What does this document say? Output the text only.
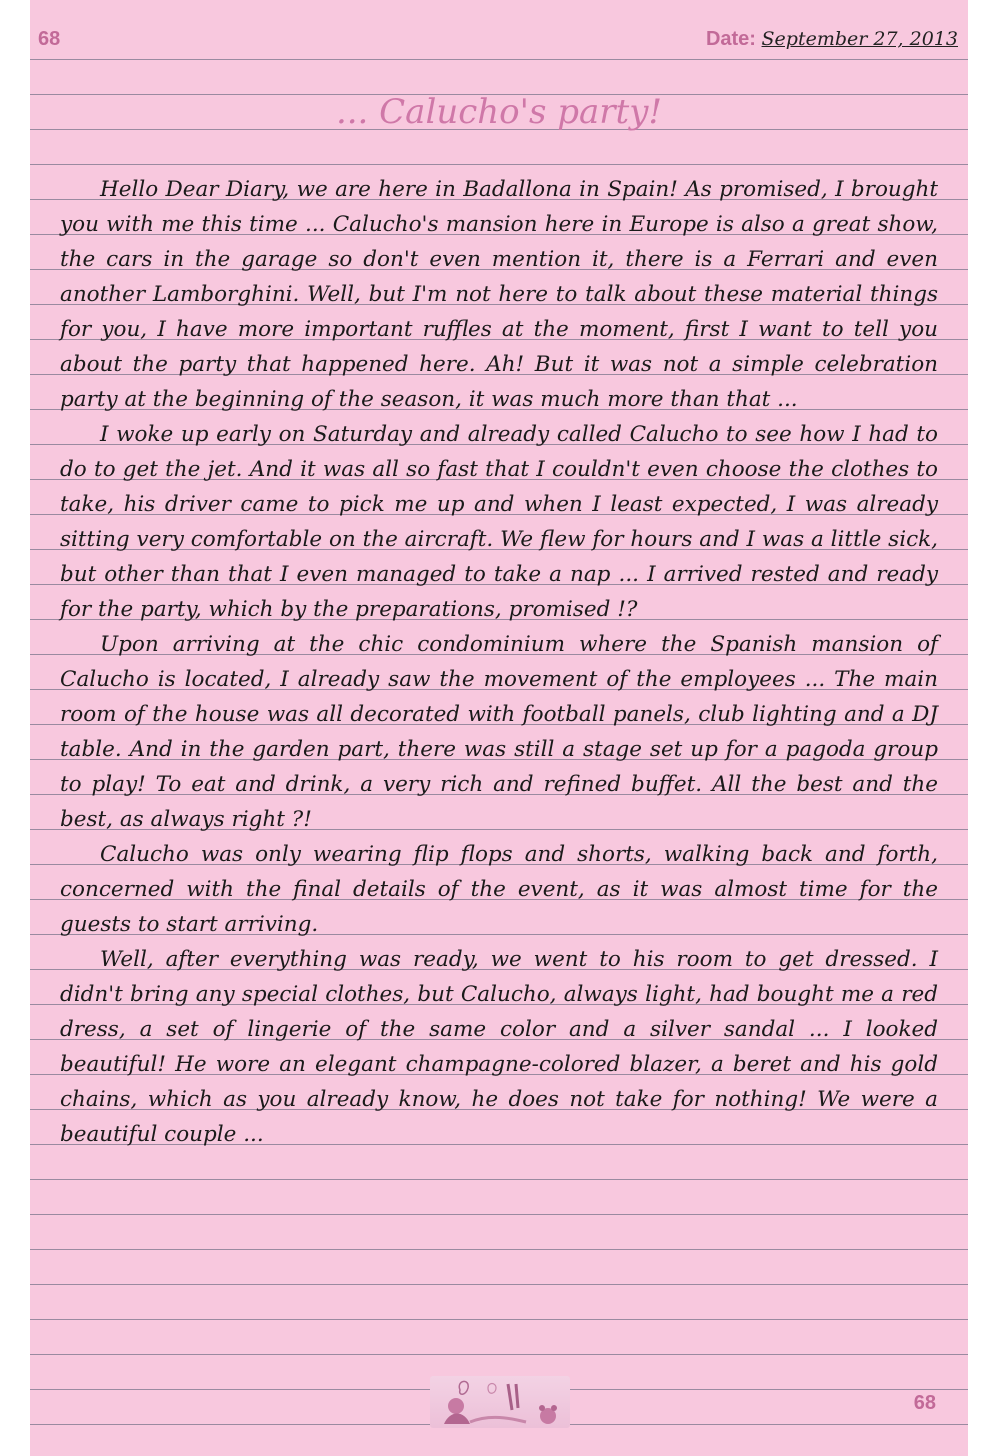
68	Date: September 27, 2013
... Calucho's party!

Hello Dear Diary, we are here in Badallona in Spain! As promised, I brought you with me this time ... Calucho's mansion here in Europe is also a great show, the cars in the garage so don't even mention it, there is a Ferrari and even another Lamborghini. Well, but I'm not here to talk about these material things for you, I have more important ruffles at the moment, first I want to tell you about the party that happened here. Ah! But it was not a simple celebration party at the beginning of the season, it was much more than that ...

I woke up early on Saturday and already called Calucho to see how I had to do to get the jet. And it was all so fast that I couldn't even choose the clothes to take, his driver came to pick me up and when I least expected, I was already sitting very comfortable on the aircraft. We flew for hours and I was a little sick, but other than that I even managed to take a nap ... I arrived rested and ready for the party, which by the preparations, promised !?

Upon arriving at the chic condominium where the Spanish mansion of Calucho is located, I already saw the movement of the employees ... The main room of the house was all decorated with football panels, club lighting and a DJ table. And in the garden part, there was still a stage set up for a pagoda group to play! To eat and drink, a very rich and refined buffet. All the best and the best, as always right ?!

Calucho was only wearing flip flops and shorts, walking back and forth, concerned with the final details of the event, as it was almost time for the guests to start arriving.

Well, after everything was ready, we went to his room to get dressed. I didn't bring any special clothes, but Calucho, always light, had bought me a red dress, a set of lingerie of the same color and a silver sandal ... I looked beautiful! He wore an elegant champagne-colored blazer, a beret and his gold chains, which as you already know, he does not take for nothing! We were a beautiful couple ...

68
